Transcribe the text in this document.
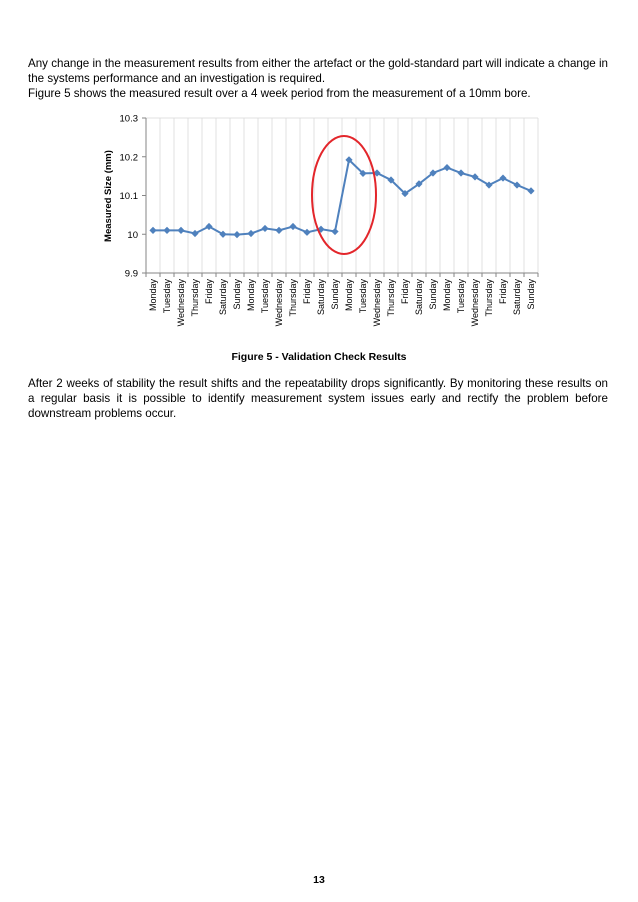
Any change in the measurement results from either the artefact or the gold-standard part will indicate a change in the systems performance and an investigation is required.
Figure 5 shows the measured result over a 4 week period from the measurement of a 10mm bore.

9.9
10
10.1
10.2
10.3
Monday Tuesday Wednesday Thursday Friday Saturday Sunday Monday Tuesday Wednesday Thursday Friday Saturday Sunday Monday Tuesday Wednesday Thursday Friday Saturday Sunday Monday Tuesday Wednesday Thursday Friday Saturday Sunday
Measured Size (mm)
Figure 5 - Validation Check Results

After 2 weeks of stability the result shifts and the repeatability drops significantly. By monitoring these results on a regular basis it is possible to identify measurement system issues early and rectify the problem before downstream problems occur.

13
